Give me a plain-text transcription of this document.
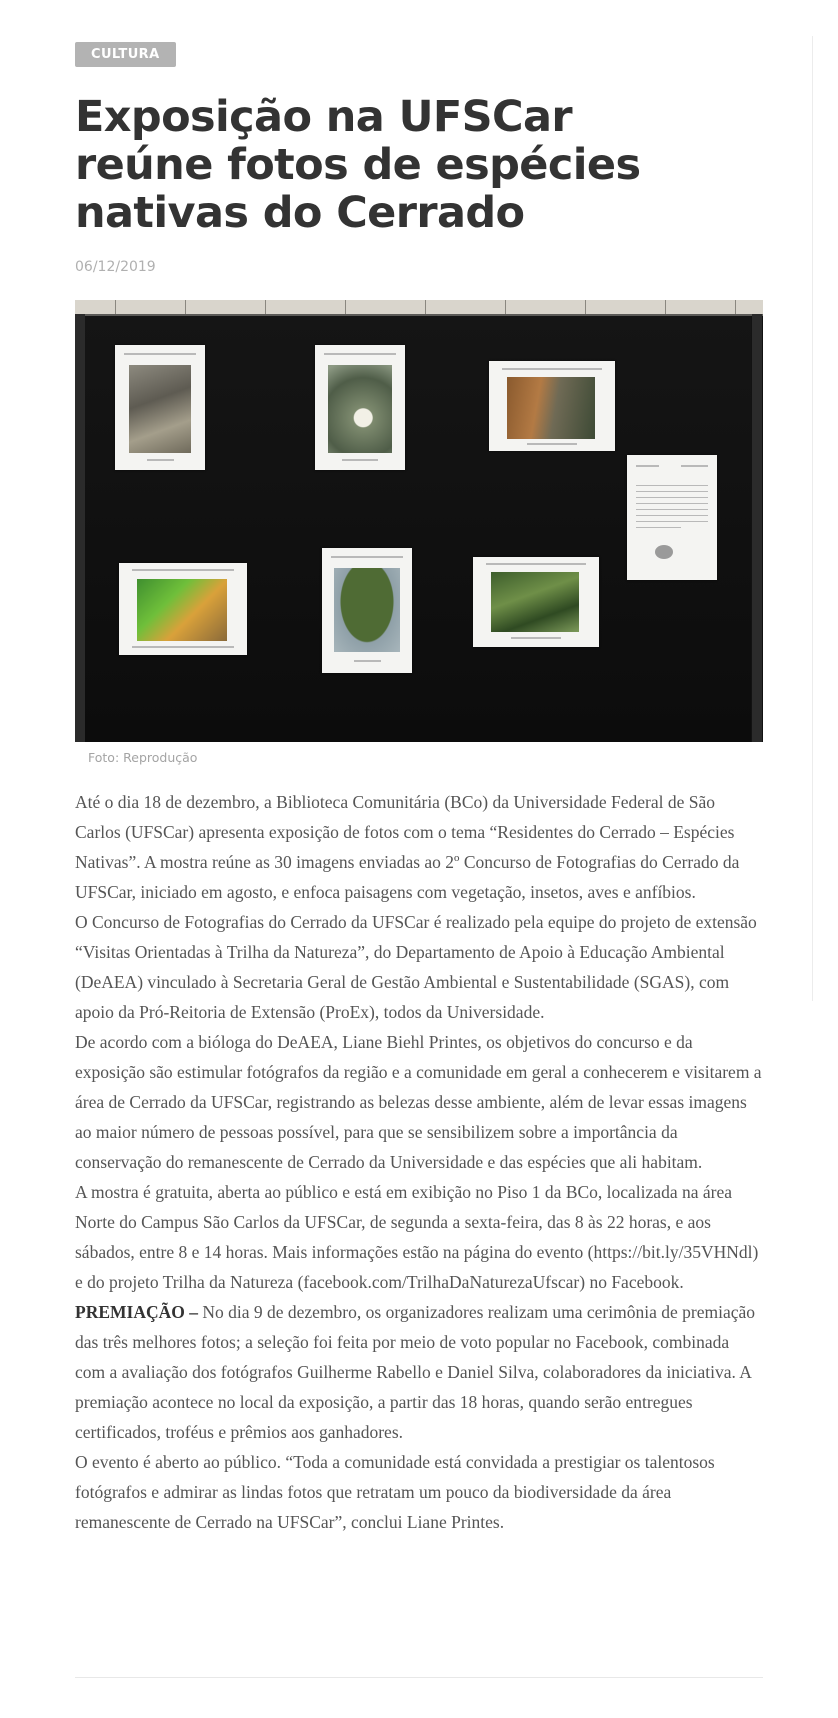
CULTURA
Exposição na UFSCar reúne fotos de espécies nativas do Cerrado
06/12/2019
Foto: Reprodução

Até o dia 18 de dezembro, a Biblioteca Comunitária (BCo) da Universidade Federal de São Carlos (UFSCar) apresenta exposição de fotos com o tema “Residentes do Cerrado – Espécies Nativas”. A mostra reúne as 30 imagens enviadas ao 2º Concurso de Fotografias do Cerrado da UFSCar, iniciado em agosto, e enfoca paisagens com vegetação, insetos, aves e anfíbios.

O Concurso de Fotografias do Cerrado da UFSCar é realizado pela equipe do projeto de extensão “Visitas Orientadas à Trilha da Natureza”, do Departamento de Apoio à Educação Ambiental (DeAEA) vinculado à Secretaria Geral de Gestão Ambiental e Sustentabilidade (SGAS), com apoio da Pró-Reitoria de Extensão (ProEx), todos da Universidade.

De acordo com a bióloga do DeAEA, Liane Biehl Printes, os objetivos do concurso e da exposição são estimular fotógrafos da região e a comunidade em geral a conhecerem e visitarem a área de Cerrado da UFSCar, registrando as belezas desse ambiente, além de levar essas imagens ao maior número de pessoas possível, para que se sensibilizem sobre a importância da conservação do remanescente de Cerrado da Universidade e das espécies que ali habitam.

A mostra é gratuita, aberta ao público e está em exibição no Piso 1 da BCo, localizada na área Norte do Campus São Carlos da UFSCar, de segunda a sexta-feira, das 8 às 22 horas, e aos sábados, entre 8 e 14 horas. Mais informações estão na página do evento (https://bit.ly/35VHNdl) e do projeto Trilha da Natureza (facebook.com/TrilhaDaNaturezaUfscar) no Facebook.

PREMIAÇÃO – No dia 9 de dezembro, os organizadores realizam uma cerimônia de premiação das três melhores fotos; a seleção foi feita por meio de voto popular no Facebook, combinada com a avaliação dos fotógrafos Guilherme Rabello e Daniel Silva, colaboradores da iniciativa. A premiação acontece no local da exposição, a partir das 18 horas, quando serão entregues certificados, troféus e prêmios aos ganhadores.

O evento é aberto ao público. “Toda a comunidade está convidada a prestigiar os talentosos fotógrafos e admirar as lindas fotos que retratam um pouco da biodiversidade da área remanescente de Cerrado na UFSCar”, conclui Liane Printes.
